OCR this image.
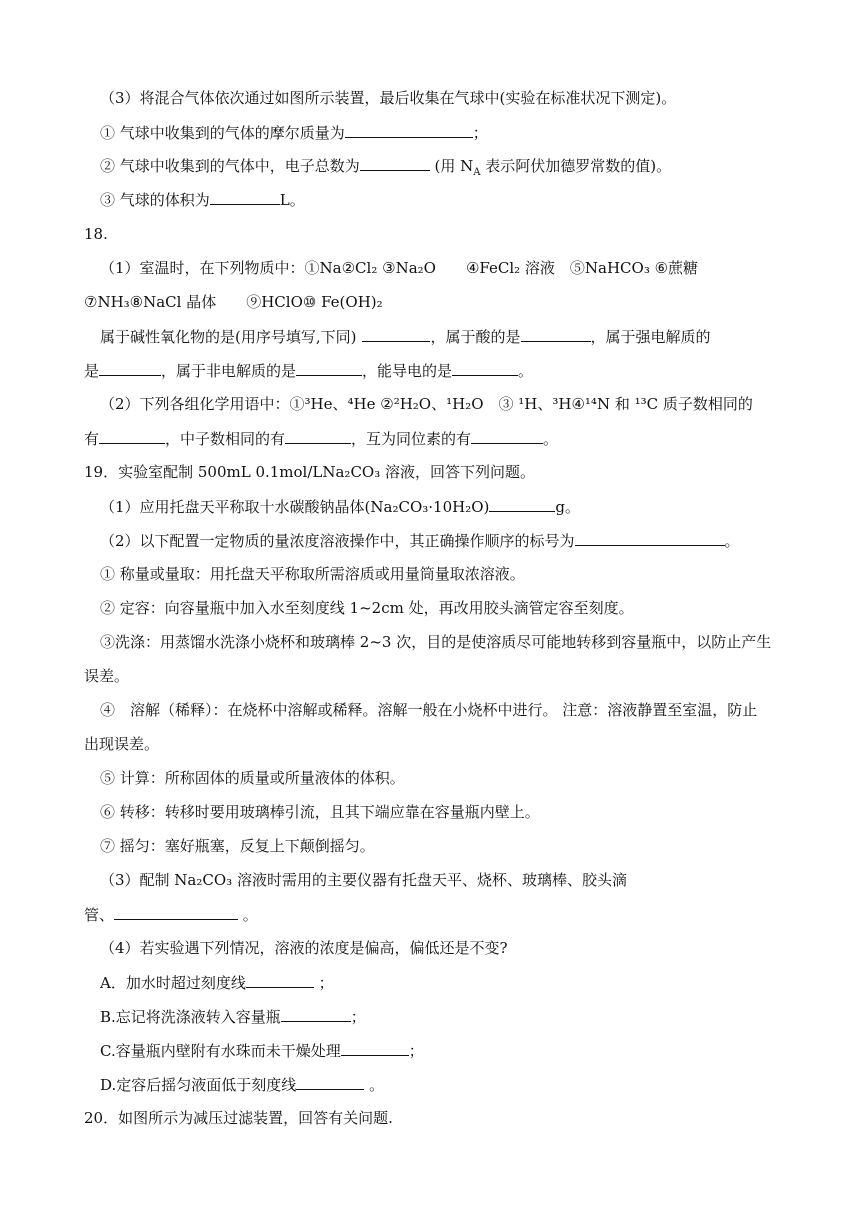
（3）将混合气体依次通过如图所示装置，最后收集在气球中(实验在标准状况下测定)。
① 气球中收集到的气体的摩尔质量为	；
② 气球中收集到的气体中，电子总数为	(用 $N_A$ 表示阿伏加德罗常数的值)。
③ 气球的体积为	L。
18.
（1）室温时，在下列物质中：①Na②Cl₂ ③Na₂O　　④FeCl₂ 溶液　⑤NaHCO₃ ⑥蔗糖
⑦NH₃⑧NaCl 晶体　　⑨HClO⑩ Fe(OH)₂
属于碱性氧化物的是(用序号填写,下同)	，属于酸的是	，属于强电解质的
是	，属于非电解质的是	，能导电的是	。
（2）下列各组化学用语中：①³He、⁴He ②²H₂O、¹H₂O　③ ¹H、³H④¹⁴N 和 ¹³C 质子数相同的
有	，中子数相同的有	，互为同位素的有	。
19．实验室配制 500mL 0.1mol/LNa₂CO₃ 溶液，回答下列问题。
（1）应用托盘天平称取十水碳酸钠晶体(Na₂CO₃·10H₂O)	g。
（2）以下配置一定物质的量浓度溶液操作中，其正确操作顺序的标号为	。
① 称量或量取：用托盘天平称取所需溶质或用量筒量取浓溶液。
② 定容：向容量瓶中加入水至刻度线 1~2cm 处，再改用胶头滴管定容至刻度。
③洗涤：用蒸馏水洗涤小烧杯和玻璃棒 2~3 次，目的是使溶质尽可能地转移到容量瓶中，以防止产生
误差。
④　溶解（稀释）：在烧杯中溶解或稀释。溶解一般在小烧杯中进行。 注意：溶液静置至室温，防止
出现误差。
⑤ 计算：所称固体的质量或所量液体的体积。
⑥ 转移：转移时要用玻璃棒引流，且其下端应靠在容量瓶内壁上。
⑦ 摇匀：塞好瓶塞，反复上下颠倒摇匀。
（3）配制 Na₂CO₃ 溶液时需用的主要仪器有托盘天平、烧杯、玻璃棒、胶头滴
管、	。
（4）若实验遇下列情况，溶液的浓度是偏高，偏低还是不变?
A．加水时超过刻度线	；
B.忘记将洗涤液转入容量瓶	；
C.容量瓶内壁附有水珠而未干燥处理	；
D.定容后摇匀液面低于刻度线	。
20．如图所示为减压过滤装置，回答有关问题.
